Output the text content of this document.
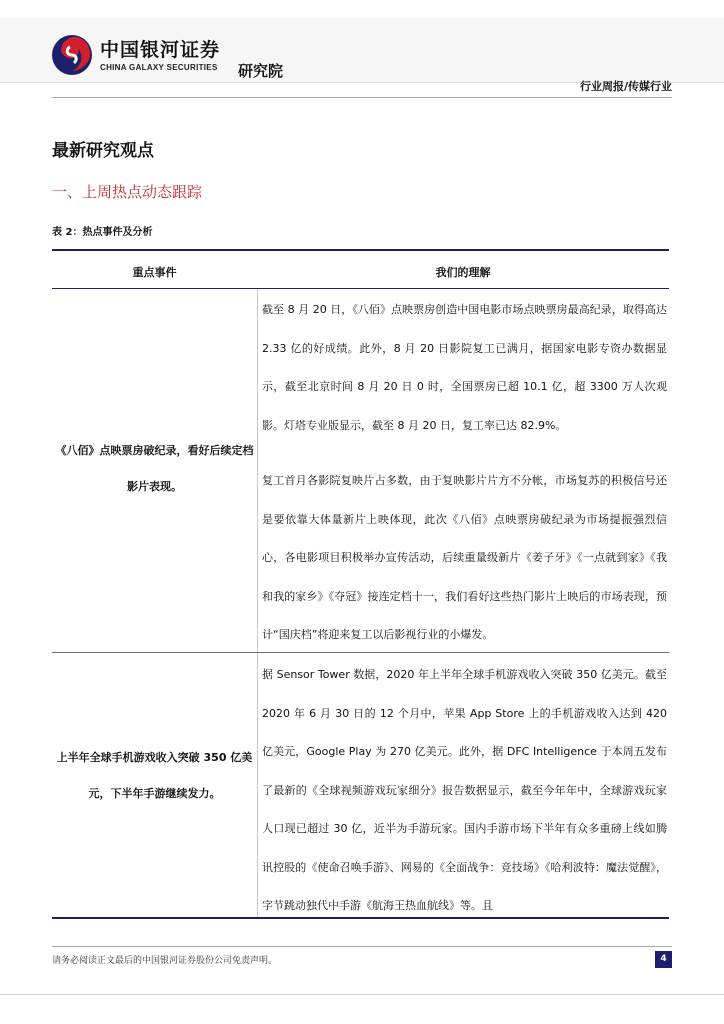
中国银河证券
CHINA GALAXY SECURITIES 研究院
行业周报/传媒行业
最新研究观点
一、上周热点动态跟踪
表 2：热点事件及分析
重点事件	我们的理解
《八佰》点映票房破纪录，看好后续定档影片表现。
截至 8 月 20 日，《八佰》点映票房创造中国电影市场点映票房最高纪录，取得高达 2.33 亿的好成绩。此外，8 月 20 日影院复工已满月，据国家电影专资办数据显示，截至北京时间 8 月 20 日 0 时，全国票房已超 10.1 亿，超 3300 万人次观影。灯塔专业版显示，截至 8 月 20 日，复工率已达 82.9%。
复工首月各影院复映片占多数，由于复映影片片方不分帐，市场复苏的积极信号还是要依靠大体量新片上映体现，此次《八佰》点映票房破纪录为市场提振强烈信心，各电影项目积极举办宣传活动，后续重量级新片《姜子牙》《一点就到家》《我和我的家乡》《夺冠》接连定档十一，我们看好这些热门影片上映后的市场表现，预计“国庆档”将迎来复工以后影视行业的小爆发。
上半年全球手机游戏收入突破 350 亿美元，下半年手游继续发力。
据 Sensor Tower 数据，2020 年上半年全球手机游戏收入突破 350 亿美元。截至 2020 年 6 月 30 日的 12 个月中，苹果 App Store 上的手机游戏收入达到 420 亿美元，Google Play 为 270 亿美元。此外，据 DFC Intelligence 于本周五发布了最新的《全球视频游戏玩家细分》报告数据显示，截至今年年中，全球游戏玩家人口现已超过 30 亿，近半为手游玩家。国内手游市场下半年有众多重磅上线如腾讯控股的《使命召唤手游》、网易的《全面战争：竞技场》《哈利波特：魔法觉醒》，字节跳动独代中手游《航海王热血航线》等。且
请务必阅读正文最后的中国银河证券股份公司免责声明。	4
